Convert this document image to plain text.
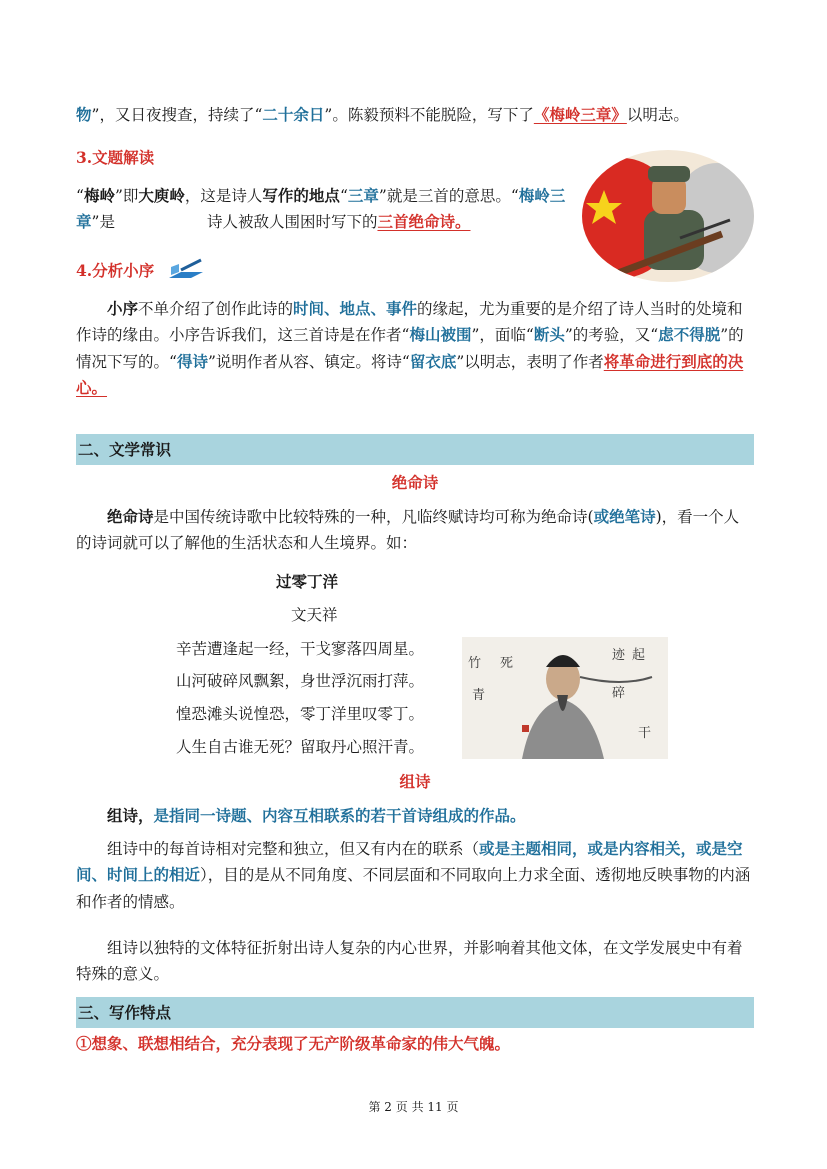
物”，又日夜搜查，持续了“二十余日”。陈毅预料不能脱险，写下了《梅岭三章》以明志。
3.文题解读
“梅岭”即大庾岭，这是诗人写作的地点“三章”就是三首的意思。“梅岭三章”是	诗人被敌人围困时写下的三首绝命诗。
4.分析小序
小序不单介绍了创作此诗的时间、地点、事件的缘起，尤为重要的是介绍了诗人当时的处境和作诗的缘由。小序告诉我们，这三首诗是在作者“梅山被围”，面临“断头”的考验，又“虑不得脱”的情况下写的。“得诗”说明作者从容、镇定。将诗“留衣底”以明志，表明了作者将革命进行到底的决心。
二、文学常识
绝命诗
绝命诗是中国传统诗歌中比较特殊的一种，凡临终赋诗均可称为绝命诗(或绝笔诗)，看一个人的诗词就可以了解他的生活状态和人生境界。如：
过零丁洋
文天祥
辛苦遭逢起一经，干戈寥落四周星。
山河破碎风飘絮，身世浮沉雨打萍。
惶恐滩头说惶恐，零丁洋里叹零丁。
人生自古谁无死？留取丹心照汗青。
竹
青
死
迹 起
碎
干
组诗
组诗，是指同一诗题、内容互相联系的若干首诗组成的作品。
组诗中的每首诗相对完整和独立，但又有内在的联系（或是主题相同，或是内容相关，或是空间、时间上的相近），目的是从不同角度、不同层面和不同取向上力求全面、透彻地反映事物的内涵和作者的情感。
组诗以独特的文体特征折射出诗人复杂的内心世界，并影响着其他文体，在文学发展史中有着特殊的意义。
三、写作特点
①想象、联想相结合，充分表现了无产阶级革命家的伟大气魄。
第 2 页 共 11 页
